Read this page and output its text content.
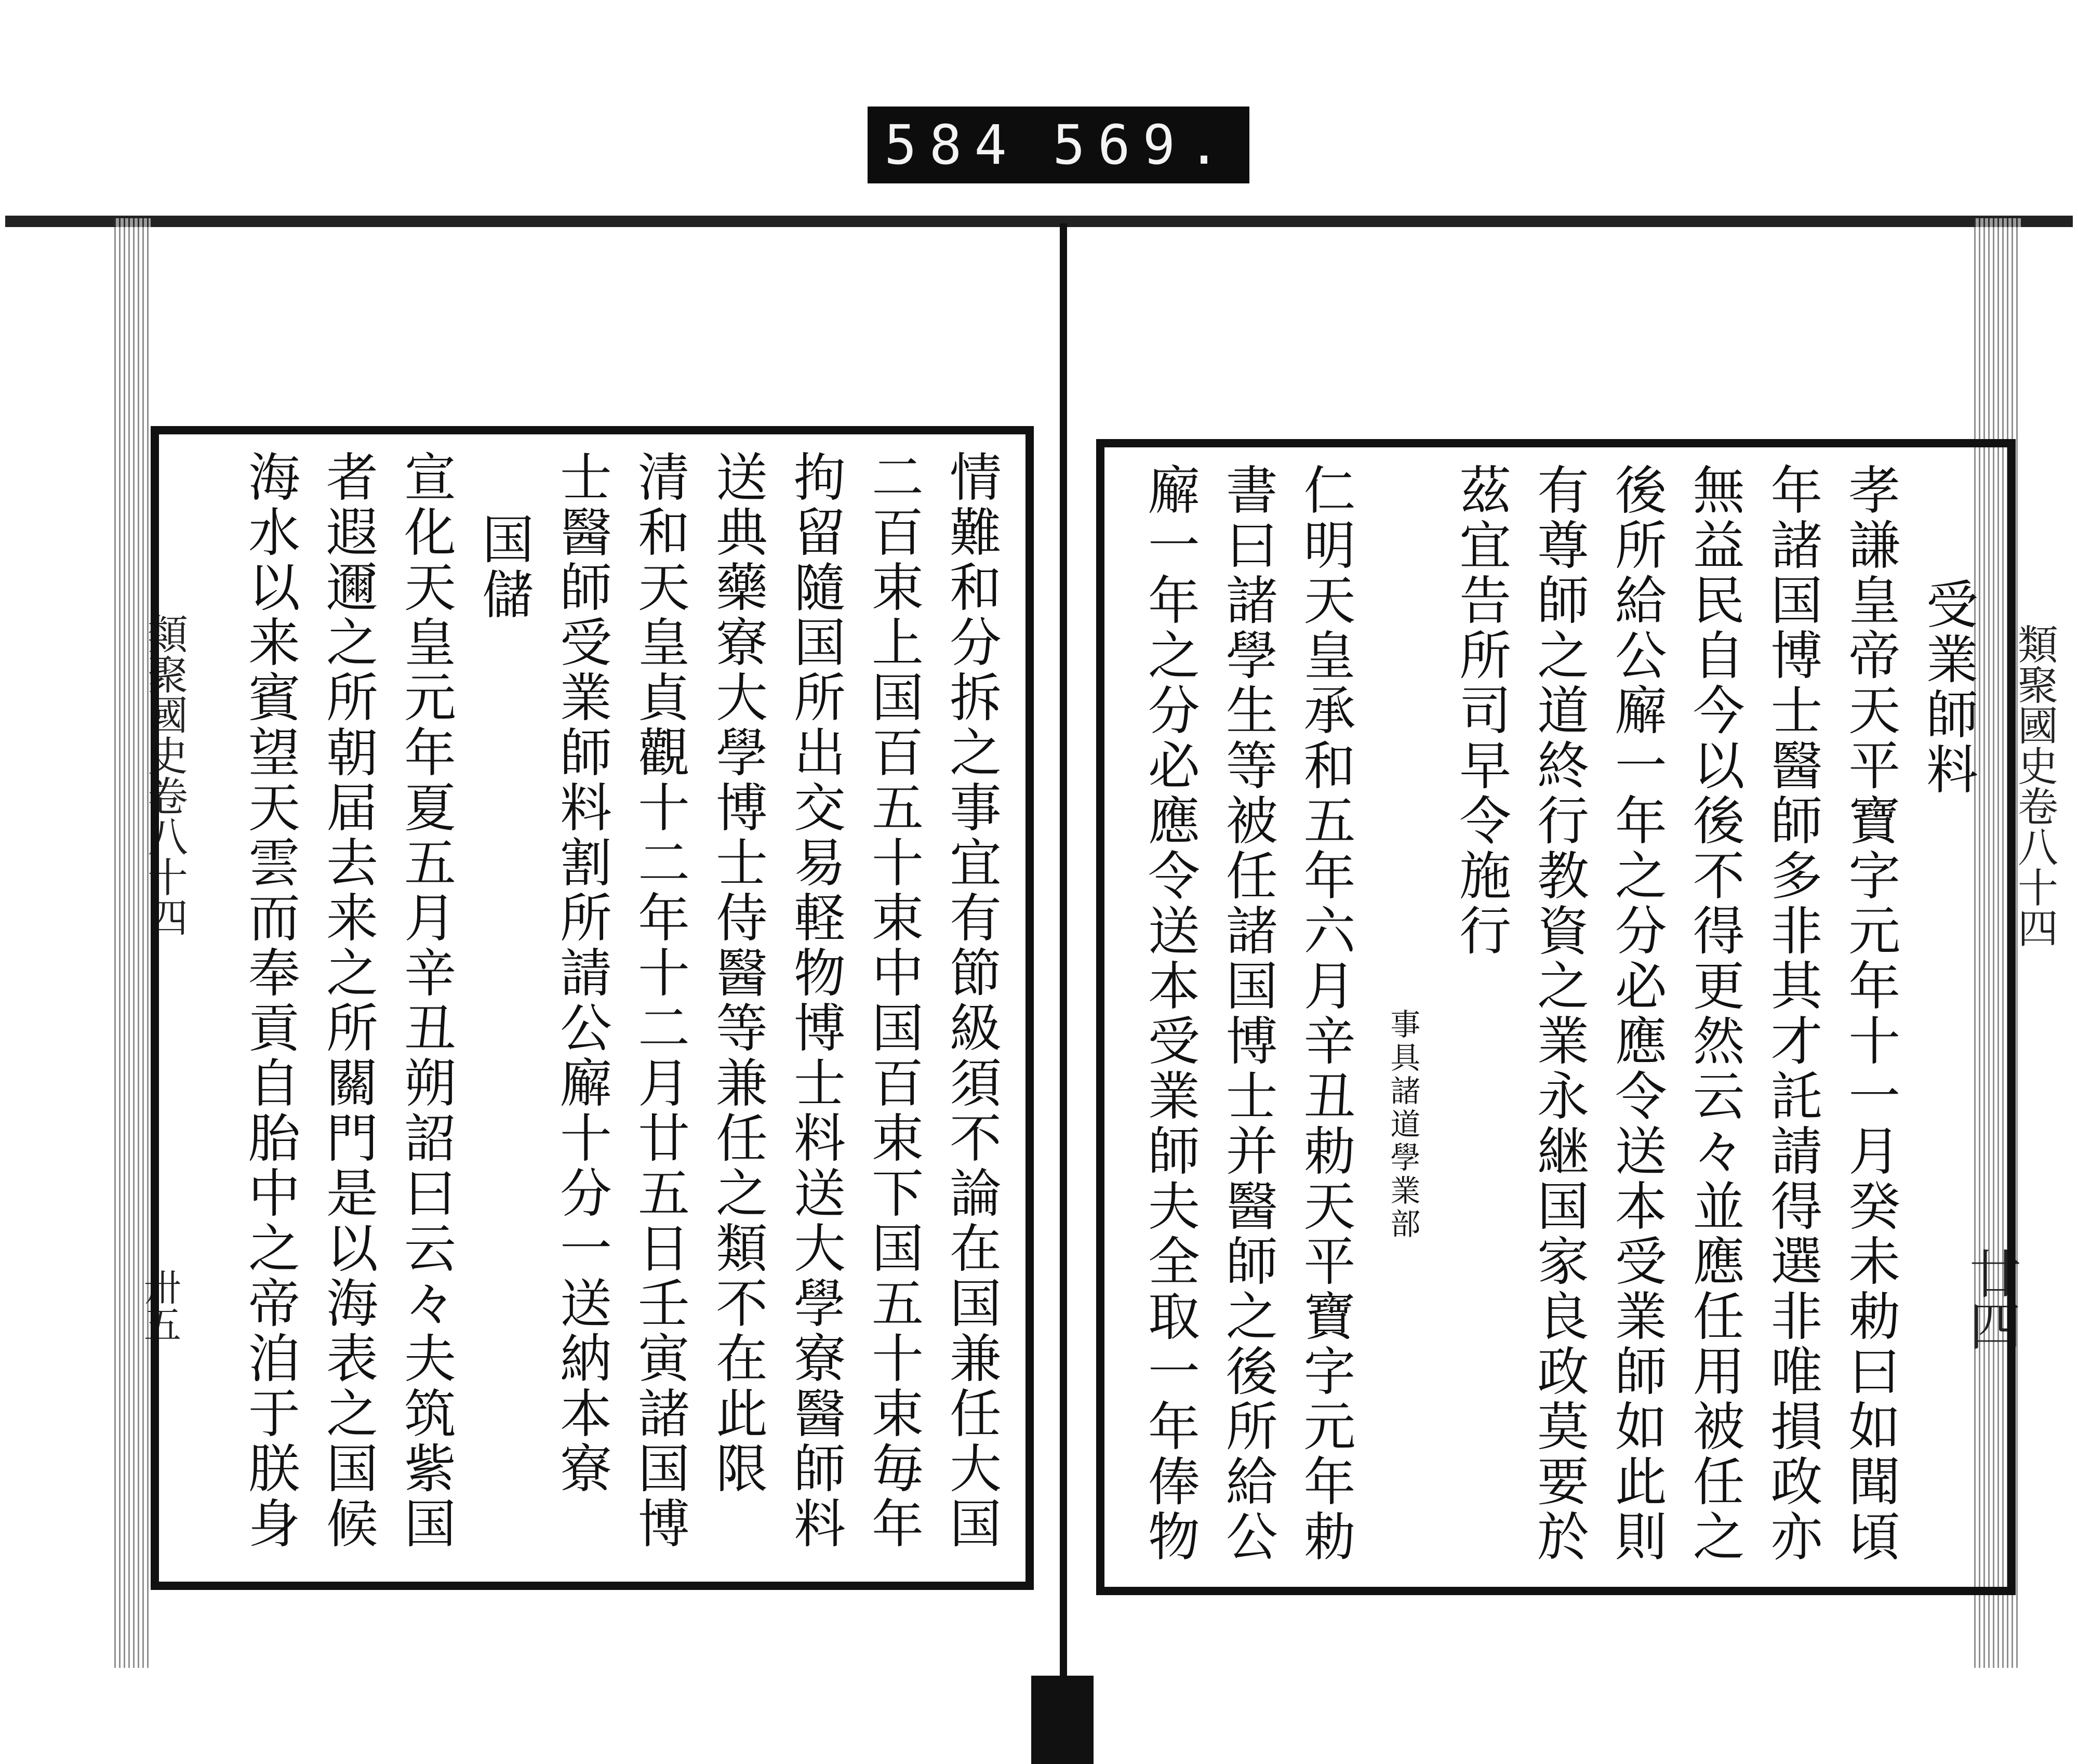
584 569.
類聚國史卷八十四
卅五
類聚國史卷八十四
廿四
情難和分拆之事宜有節級須不論在国兼任大国
二百束上国百五十束中国百束下国五十束毎年
拘留隨国所出交易軽物博士料送大學寮醫師料
送典藥寮大學博士侍醫等兼任之類不在此限
清和天皇貞觀十二年十二月廿五日壬寅諸国博
士醫師受業師料割所請公廨十分一送納本寮
国儲
宣化天皇元年夏五月辛丑朔詔曰云々夫筑紫国
者遐邇之所朝届去来之所關門是以海表之国候
海水以来賓望天雲而奉貢自胎中之帝洎于朕身	受業師料
孝謙皇帝天平寶字元年十一月癸未勅曰如聞頃
年諸国博士醫師多非其才託請得選非唯損政亦
無益民自今以後不得更然云々並應任用被任之
後所給公廨一年之分必應令送本受業師如此則
有尊師之道終行教資之業永継国家良政莫要於
茲宜告所司早令施行
事具諸道學業部
仁明天皇承和五年六月辛丑勅天平寶字元年勅
書曰諸學生等被任諸国博士并醫師之後所給公
廨一年之分必應令送本受業師夫全取一年俸物
